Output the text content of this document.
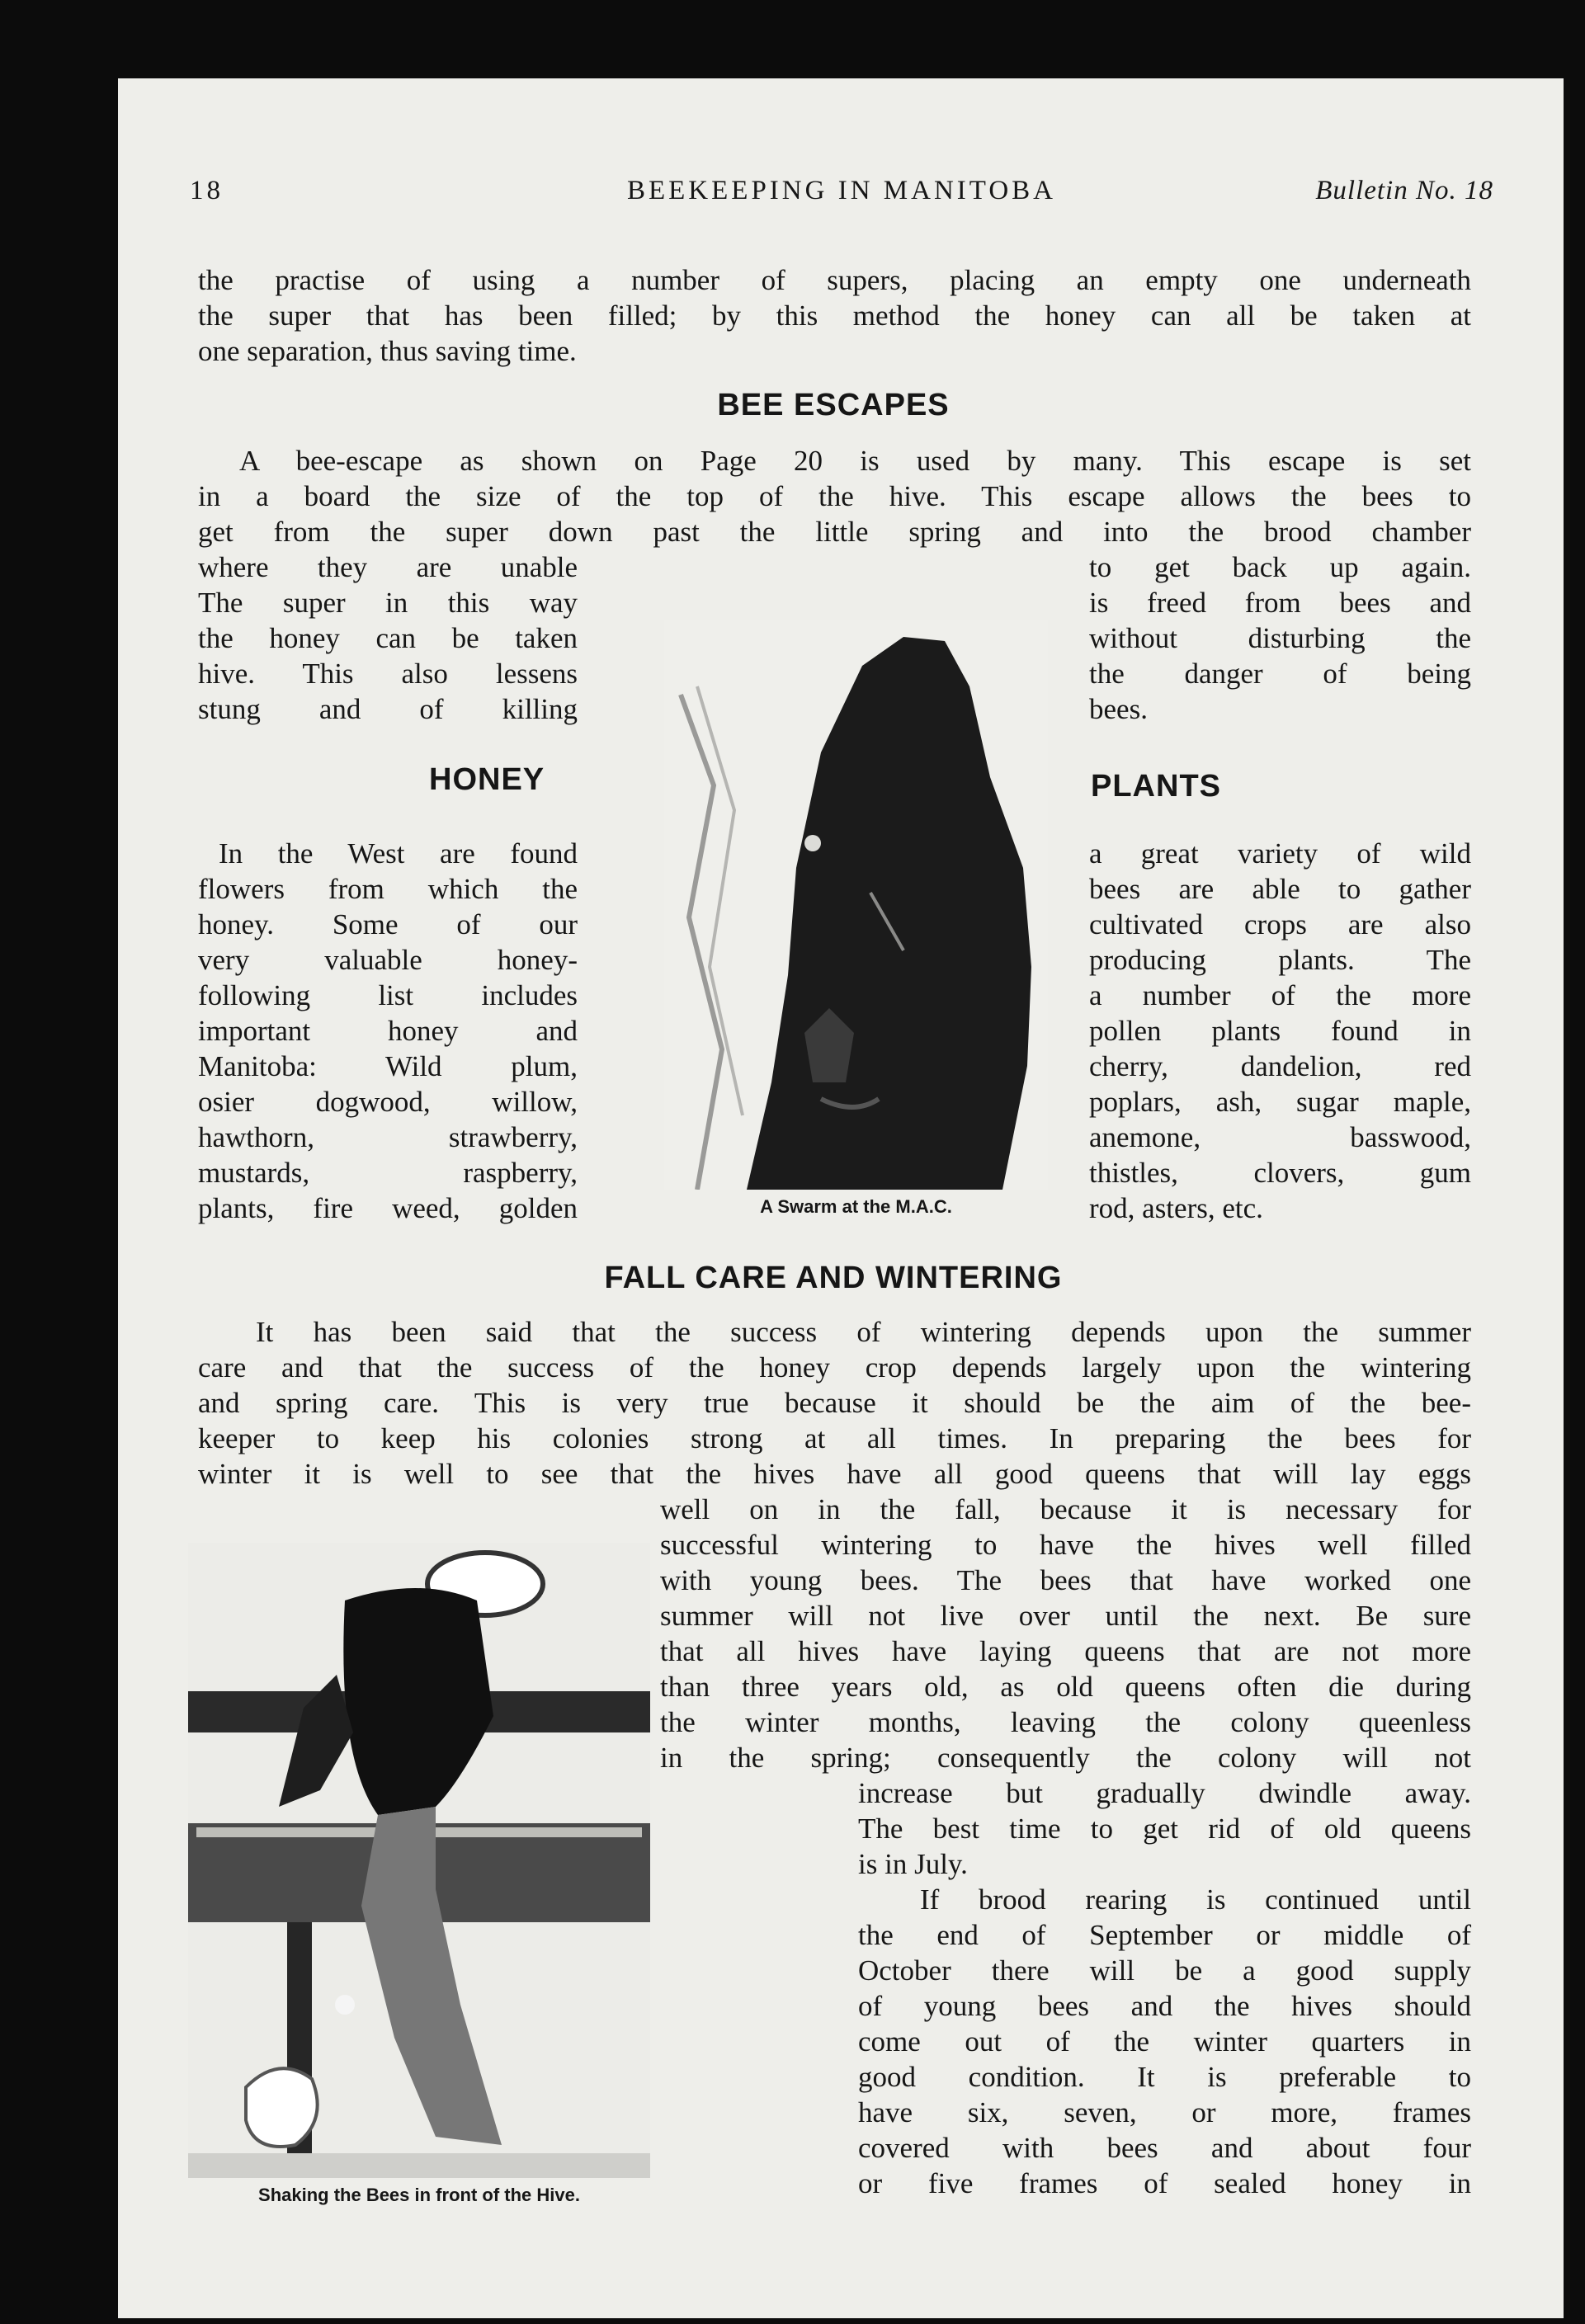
18	BEEKEEPING IN MANITOBA	Bulletin No. 18
the practise of using a number of supers, placing an empty one underneath
the super that has been filled; by this method the honey can all be taken at
one separation, thus saving time.
BEE ESCAPES
A bee-escape as shown on Page 20 is used by many. This escape is set
in a board the size of the top of the hive. This escape allows the bees to
get from the super down past the little spring and into the brood chamber
where they are unable
The super in this way
the honey can be taken
hive. This also lessens
stung and of killing
to get back up again.
is freed from bees and
without disturbing the
the danger of being
bees.
A Swarm at the M.A.C.
HONEY	PLANTS
In the West are found
flowers from which the
honey. Some of our
very valuable honey-
following list includes
important honey and
Manitoba: Wild plum,
osier dogwood, willow,
hawthorn, strawberry,
mustards, raspberry,
plants, fire weed, golden
a great variety of wild
bees are able to gather
cultivated crops are also
producing plants. The
a number of the more
pollen plants found in
cherry, dandelion, red
poplars, ash, sugar maple,
anemone, basswood,
thistles, clovers, gum
rod, asters, etc.
FALL CARE AND WINTERING
It has been said that the success of wintering depends upon the summer
care and that the success of the honey crop depends largely upon the wintering
and spring care. This is very true because it should be the aim of the bee-
keeper to keep his colonies strong at all times. In preparing the bees for
winter it is well to see that the hives have all good queens that will lay eggs
well on in the fall, because it is necessary for
successful wintering to have the hives well filled
with young bees. The bees that have worked one
summer will not live over until the next. Be sure
that all hives have laying queens that are not more
than three years old, as old queens often die during
the winter months, leaving the colony queenless
in the spring; consequently the colony will not
increase but gradually dwindle away.
The best time to get rid of old queens
is in July.
If brood rearing is continued until
the end of September or middle of
October there will be a good supply
of young bees and the hives should
come out of the winter quarters in
good condition. It is preferable to
have six, seven, or more, frames
covered with bees and about four
or five frames of sealed honey in
Shaking the Bees in front of the Hive.
